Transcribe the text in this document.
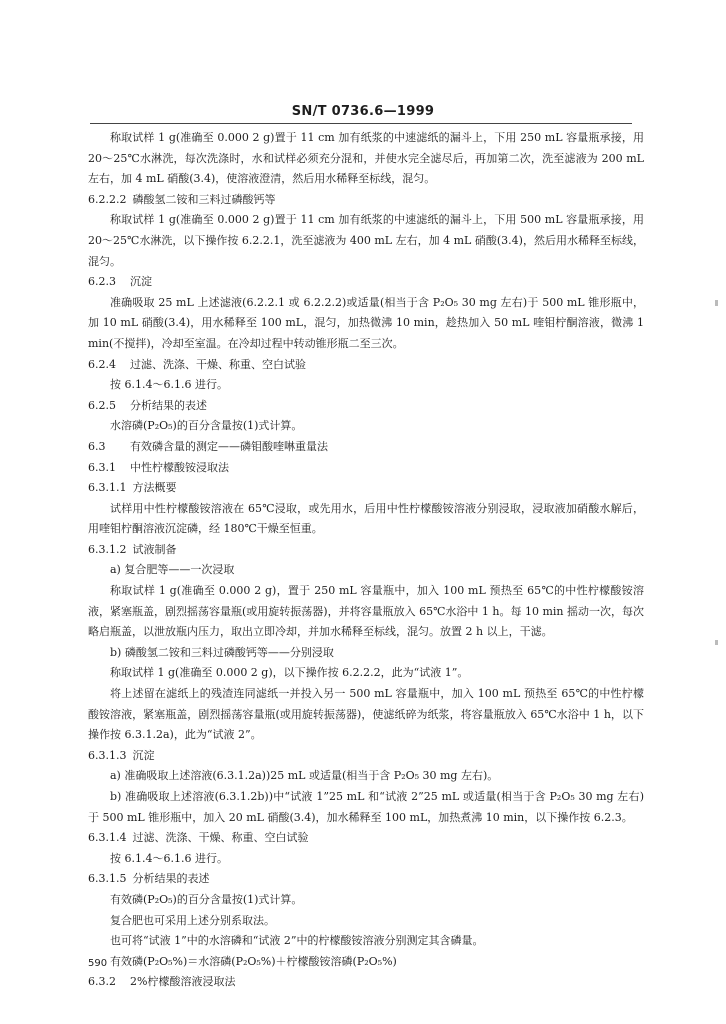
SN/T 0736.6—1999

称取试样 1 g(准确至 0.000 2 g)置于 11 cm 加有纸浆的中速滤纸的漏斗上，下用 250 mL 容量瓶承接，用 20～25℃水淋洗，每次洗涤时，水和试样必须充分混和，并使水完全滤尽后，再加第二次，洗至滤液为 200 mL 左右，加 4 mL 硝酸(3.4)，使溶液澄清，然后用水稀释至标线，混匀。

6.2.2.2 磷酸氢二铵和三料过磷酸钙等

称取试样 1 g(准确至 0.000 2 g)置于 11 cm 加有纸浆的中速滤纸的漏斗上，下用 500 mL 容量瓶承接，用 20～25℃水淋洗，以下操作按 6.2.2.1，洗至滤液为 400 mL 左右，加 4 mL 硝酸(3.4)，然后用水稀释至标线，混匀。

6.2.3 沉淀

准确吸取 25 mL 上述滤液(6.2.2.1 或 6.2.2.2)或适量(相当于含 P₂O₅ 30 mg 左右)于 500 mL 锥形瓶中，加 10 mL 硝酸(3.4)，用水稀释至 100 mL，混匀，加热微沸 10 min，趁热加入 50 mL 喹钼柠酮溶液，微沸 1 min(不搅拌)，冷却至室温。在冷却过程中转动锥形瓶二至三次。

6.2.4 过滤、洗涤、干燥、称重、空白试验

按 6.1.4～6.1.6 进行。

6.2.5 分析结果的表述

水溶磷(P₂O₅)的百分含量按(1)式计算。

6.3 有效磷含量的测定——磷钼酸喹啉重量法
6.3.1 中性柠檬酸铵浸取法
6.3.1.1 方法概要

试样用中性柠檬酸铵溶液在 65℃浸取，或先用水，后用中性柠檬酸铵溶液分别浸取，浸取液加硝酸水解后，用喹钼柠酮溶液沉淀磷，经 180℃干燥至恒重。

6.3.1.2 试液制备

a) 复合肥等——一次浸取

称取试样 1 g(准确至 0.000 2 g)，置于 250 mL 容量瓶中，加入 100 mL 预热至 65℃的中性柠檬酸铵溶液，紧塞瓶盖，剧烈摇荡容量瓶(或用旋转振荡器)，并将容量瓶放入 65℃水浴中 1 h。每 10 min 摇动一次，每次略启瓶盖，以泄放瓶内压力，取出立即冷却，并加水稀释至标线，混匀。放置 2 h 以上，干滤。

b) 磷酸氢二铵和三料过磷酸钙等——分别浸取

称取试样 1 g(准确至 0.000 2 g)，以下操作按 6.2.2.2，此为“试液 1”。

将上述留在滤纸上的残渣连同滤纸一并投入另一 500 mL 容量瓶中，加入 100 mL 预热至 65℃的中性柠檬酸铵溶液，紧塞瓶盖，剧烈摇荡容量瓶(或用旋转振荡器)，使滤纸碎为纸浆，将容量瓶放入 65℃水浴中 1 h，以下操作按 6.3.1.2a)，此为“试液 2”。

6.3.1.3 沉淀

a) 准确吸取上述溶液(6.3.1.2a))25 mL 或适量(相当于含 P₂O₅ 30 mg 左右)。

b) 准确吸取上述溶液(6.3.1.2b))中“试液 1”25 mL 和“试液 2”25 mL 或适量(相当于含 P₂O₅ 30 mg 左右)于 500 mL 锥形瓶中，加入 20 mL 硝酸(3.4)，加水稀释至 100 mL，加热煮沸 10 min，以下操作按 6.2.3。

6.3.1.4 过滤、洗涤、干燥、称重、空白试验

按 6.1.4～6.1.6 进行。

6.3.1.5 分析结果的表述

有效磷(P₂O₅)的百分含量按(1)式计算。

复合肥也可采用上述分别系取法。

也可将“试液 1”中的水溶磷和“试液 2”中的柠檬酸铵溶液分别测定其含磷量。

有效磷(P₂O₅%)＝水溶磷(P₂O₅%)＋柠檬酸铵溶磷(P₂O₅%)

6.3.2 2%柠檬酸溶液浸取法
590
